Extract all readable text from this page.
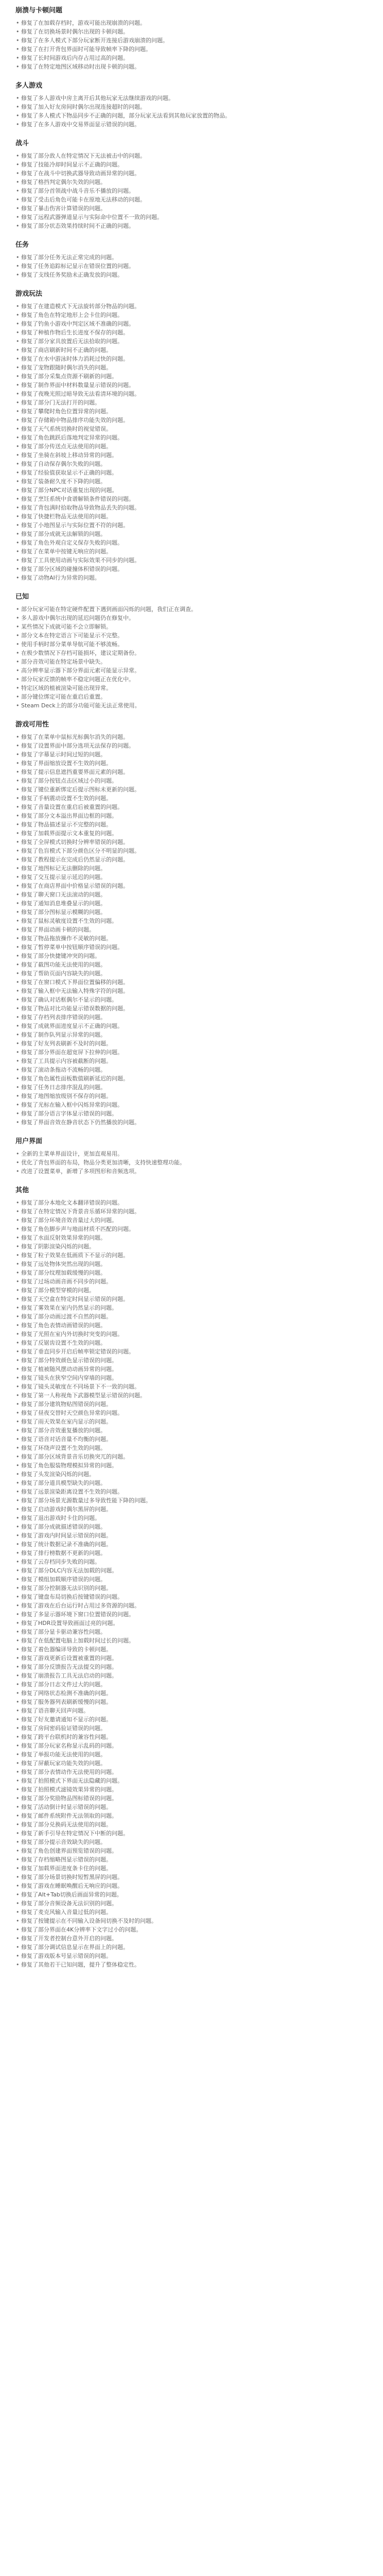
崩溃与卡顿问题
• 修复了在加载存档时，游戏可能出现崩溃的问题。
• 修复了在切换场景时偶尔出现的卡顿问题。
• 修复了在多人模式下部分玩家断开连接后游戏崩溃的问题。
• 修复了在打开背包界面时可能导致帧率下降的问题。
• 修复了长时间游戏后内存占用过高的问题。
• 修复了在特定地图区域移动时出现卡顿的问题。
多人游戏
• 修复了多人游戏中房主离开后其他玩家无法继续游戏的问题。
• 修复了加入好友房间时偶尔出现连接超时的问题。
• 修复了多人模式下物品同步不正确的问题，部分玩家无法看到其他玩家放置的物品。
• 修复了在多人游戏中交易界面显示错误的问题。
战斗
• 修复了部分敌人在特定情况下无法被击中的问题。
• 修复了技能冷却时间显示不正确的问题。
• 修复了在战斗中切换武器导致动画异常的问题。
• 修复了格挡判定偶尔失效的问题。
• 修复了部分首领战中战斗音乐不播放的问题。
• 修复了受击后角色可能卡在原地无法移动的问题。
• 修复了暴击伤害计算错误的问题。
• 修复了远程武器弹道显示与实际命中位置不一致的问题。
• 修复了部分状态效果持续时间不正确的问题。
任务
• 修复了部分任务无法正常完成的问题。
• 修复了任务追踪标记显示在错误位置的问题。
• 修复了支线任务奖励未正确发放的问题。
游戏玩法
• 修复了在建造模式下无法旋转部分物品的问题。
• 修复了角色在特定地形上会卡住的问题。
• 修复了钓鱼小游戏中判定区域不准确的问题。
• 修复了种植作物后生长进度不保存的问题。
• 修复了部分家具放置后无法拾取的问题。
• 修复了商店刷新时间不正确的问题。
• 修复了在水中游泳时体力消耗过快的问题。
• 修复了宠物跟随时偶尔消失的问题。
• 修复了部分采集点资源不刷新的问题。
• 修复了制作界面中材料数量显示错误的问题。
• 修复了夜晚光照过暗导致无法看清环境的问题。
• 修复了部分门无法打开的问题。
• 修复了攀爬时角色位置异常的问题。
• 修复了存储箱中物品排序功能失效的问题。
• 修复了天气系统切换时的视觉错误。
• 修复了角色跳跃后落地判定异常的问题。
• 修复了部分传送点无法使用的问题。
• 修复了坐骑在斜坡上移动异常的问题。
• 修复了自动保存偶尔失败的问题。
• 修复了经验值获取显示不正确的问题。
• 修复了装备耐久度不下降的问题。
• 修复了部分NPC对话重复出现的问题。
• 修复了烹饪系统中食谱解锁条件错误的问题。
• 修复了背包满时拾取物品导致物品丢失的问题。
• 修复了快捷栏物品无法使用的问题。
• 修复了小地图显示与实际位置不符的问题。
• 修复了部分成就无法解锁的问题。
• 修复了角色外观自定义保存失败的问题。
• 修复了在菜单中按键无响应的问题。
• 修复了工具使用动画与实际效果不同步的问题。
• 修复了部分区域的碰撞体积错误的问题。
• 修复了动物AI行为异常的问题。
已知
• 部分玩家可能在特定硬件配置下遇到画面闪烁的问题，我们正在调查。
• 多人游戏中偶尔出现的延迟问题仍在修复中。
• 某些情况下成就可能不会立即解锁。
• 部分文本在特定语言下可能显示不完整。
• 使用手柄时部分菜单导航可能不够流畅。
• 在极少数情况下存档可能损坏，建议定期备份。
• 部分音效可能在特定场景中缺失。
• 高分辨率显示器下部分界面元素可能显示异常。
• 部分玩家反馈的帧率不稳定问题正在优化中。
• 特定区域的植被渲染可能出现异常。
• 部分键位绑定可能在重启后重置。
• Steam Deck上的部分功能可能无法正常使用。
游戏可用性
• 修复了在菜单中鼠标光标偶尔消失的问题。
• 修复了设置界面中部分选项无法保存的问题。
• 修复了字幕显示时间过短的问题。
• 修复了界面缩放设置不生效的问题。
• 修复了提示信息遮挡重要界面元素的问题。
• 修复了部分按钮点击区域过小的问题。
• 修复了键位重新绑定后提示图标未更新的问题。
• 修复了手柄震动设置不生效的问题。
• 修复了音量设置在重启后被重置的问题。
• 修复了部分文本溢出界面边框的问题。
• 修复了物品描述显示不完整的问题。
• 修复了加载界面提示文本重复的问题。
• 修复了全屏模式切换时分辨率错误的问题。
• 修复了色盲模式下部分颜色区分不明显的问题。
• 修复了教程提示在完成后仍然显示的问题。
• 修复了地图标记无法删除的问题。
• 修复了交互提示显示延迟的问题。
• 修复了在商店界面中价格显示错误的问题。
• 修复了聊天窗口无法滚动的问题。
• 修复了通知消息堆叠显示的问题。
• 修复了部分图标显示模糊的问题。
• 修复了鼠标灵敏度设置不生效的问题。
• 修复了界面动画卡顿的问题。
• 修复了物品拖放操作不灵敏的问题。
• 修复了暂停菜单中按钮顺序错误的问题。
• 修复了部分快捷键冲突的问题。
• 修复了截图功能无法使用的问题。
• 修复了帮助页面内容缺失的问题。
• 修复了在窗口模式下界面位置偏移的问题。
• 修复了输入框中无法输入特殊字符的问题。
• 修复了确认对话框偶尔不显示的问题。
• 修复了物品对比功能显示错误数据的问题。
• 修复了存档列表排序错误的问题。
• 修复了成就界面进度显示不正确的问题。
• 修复了制作队列显示异常的问题。
• 修复了好友列表刷新不及时的问题。
• 修复了部分界面在超宽屏下拉伸的问题。
• 修复了工具提示内容被截断的问题。
• 修复了滚动条拖动不流畅的问题。
• 修复了角色属性面板数值刷新延迟的问题。
• 修复了任务日志排序混乱的问题。
• 修复了地图缩放级别不保存的问题。
• 修复了光标在输入框中闪烁异常的问题。
• 修复了部分语言字体显示错误的问题。
• 修复了界面音效在静音状态下仍然播放的问题。
用户界面
• 全新的主菜单界面设计，更加直观易用。
• 优化了背包界面的布局，物品分类更加清晰，支持快速整理功能。
• 改进了设置菜单，新增了多项图形和音频选项。
其他
• 修复了部分本地化文本翻译错误的问题。
• 修复了在特定情况下背景音乐循环异常的问题。
• 修复了部分环境音效音量过大的问题。
• 修复了角色脚步声与地面材质不匹配的问题。
• 修复了水面反射效果异常的问题。
• 修复了阴影渲染闪烁的问题。
• 修复了粒子效果在低画质下不显示的问题。
• 修复了远处物体突然出现的问题。
• 修复了部分纹理加载缓慢的问题。
• 修复了过场动画音画不同步的问题。
• 修复了部分模型穿模的问题。
• 修复了天空盒在特定时间显示错误的问题。
• 修复了雾效果在室内仍然显示的问题。
• 修复了部分动画过渡不自然的问题。
• 修复了角色表情动画错误的问题。
• 修复了光照在室内外切换时突变的问题。
• 修复了反锯齿设置不生效的问题。
• 修复了垂直同步开启后帧率锁定错误的问题。
• 修复了部分特效颜色显示错误的问题。
• 修复了植被随风摆动动画异常的问题。
• 修复了镜头在狭窄空间内穿墙的问题。
• 修复了镜头灵敏度在不同场景下不一致的问题。
• 修复了第一人称视角下武器模型显示错误的问题。
• 修复了部分建筑物贴图错误的问题。
• 修复了昼夜交替时天空颜色异常的问题。
• 修复了雨天效果在室内显示的问题。
• 修复了部分音效重复播放的问题。
• 修复了语音对话音量不均衡的问题。
• 修复了环绕声设置不生效的问题。
• 修复了部分区域背景音乐切换突兀的问题。
• 修复了角色服装物理模拟异常的问题。
• 修复了头发渲染闪烁的问题。
• 修复了部分道具模型缺失的问题。
• 修复了远景渲染距离设置不生效的问题。
• 修复了部分场景光源数量过多导致性能下降的问题。
• 修复了启动游戏时偶尔黑屏的问题。
• 修复了退出游戏时卡住的问题。
• 修复了部分成就描述错误的问题。
• 修复了游戏内时间显示错误的问题。
• 修复了统计数据记录不准确的问题。
• 修复了排行榜数据不更新的问题。
• 修复了云存档同步失败的问题。
• 修复了部分DLC内容无法加载的问题。
• 修复了模组加载顺序错误的问题。
• 修复了部分控制器无法识别的问题。
• 修复了键盘布局切换后按键错误的问题。
• 修复了游戏在后台运行时占用过多资源的问题。
• 修复了多显示器环境下窗口位置错误的问题。
• 修复了HDR设置导致画面过亮的问题。
• 修复了部分显卡驱动兼容性问题。
• 修复了在低配置电脑上加载时间过长的问题。
• 修复了着色器编译导致的卡顿问题。
• 修复了游戏更新后设置被重置的问题。
• 修复了部分反馈报告无法提交的问题。
• 修复了崩溃报告工具无法启动的问题。
• 修复了部分日志文件过大的问题。
• 修复了网络状态检测不准确的问题。
• 修复了服务器列表刷新缓慢的问题。
• 修复了语音聊天回声问题。
• 修复了好友邀请通知不显示的问题。
• 修复了房间密码验证错误的问题。
• 修复了跨平台联机时的兼容性问题。
• 修复了部分玩家名称显示乱码的问题。
• 修复了举报功能无法使用的问题。
• 修复了屏蔽玩家功能失效的问题。
• 修复了部分表情动作无法使用的问题。
• 修复了拍照模式下界面无法隐藏的问题。
• 修复了拍照模式滤镜效果异常的问题。
• 修复了部分奖励物品图标错误的问题。
• 修复了活动倒计时显示错误的问题。
• 修复了邮件系统附件无法领取的问题。
• 修复了部分兑换码无法使用的问题。
• 修复了新手引导在特定情况下中断的问题。
• 修复了部分提示音效缺失的问题。
• 修复了角色创建界面预览错误的问题。
• 修复了存档缩略图显示错误的问题。
• 修复了加载界面进度条卡住的问题。
• 修复了部分场景切换时短暂黑屏的问题。
• 修复了游戏在睡眠唤醒后无响应的问题。
• 修复了Alt+Tab切换后画面异常的问题。
• 修复了部分音频设备无法识别的问题。
• 修复了麦克风输入音量过低的问题。
• 修复了按键提示在不同输入设备间切换不及时的问题。
• 修复了部分界面在4K分辨率下文字过小的问题。
• 修复了开发者控制台意外开启的问题。
• 修复了部分调试信息显示在界面上的问题。
• 修复了游戏版本号显示错误的问题。
• 修复了其他若干已知问题，提升了整体稳定性。
